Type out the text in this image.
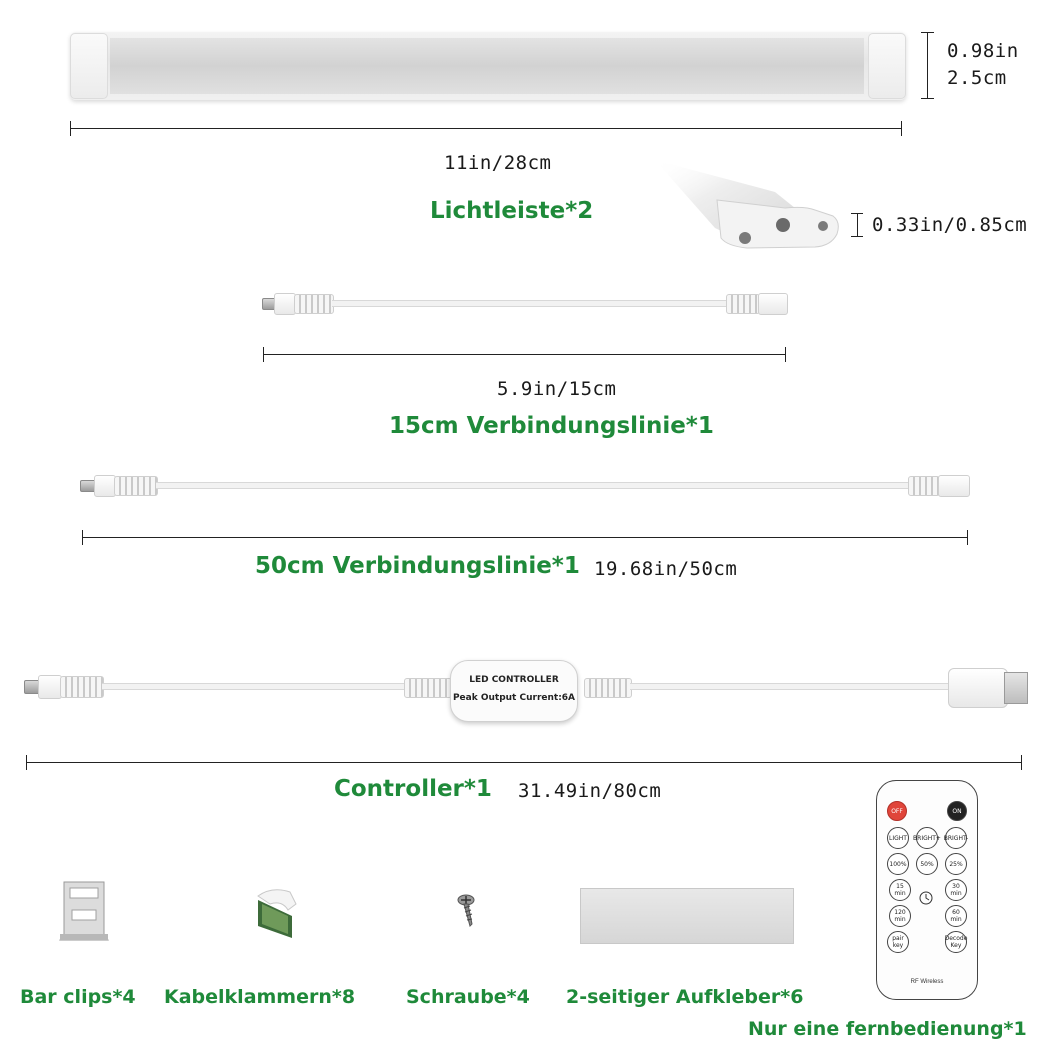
0.98in
2.5cm
11in/28cm
Lichtleiste*2
0.33in/0.85cm
5.9in/15cm
15cm Verbindungslinie*1
50cm Verbindungslinie*1 19.68in/50cm
LED CONTROLLER
Peak Output Current:6A
Controller*1 31.49in/80cm
Bar clips*4 Kabelklammern*8	Schraube*4 2-seitiger Aufkleber*6
OFF	ON
LIGHT	BRIGHT+ BRIGHT-
100%	50%	25%
15 min
30 min
120 min
60 min
pair key
Decode Key
RF Wireless
Nur eine fernbedienung*1
